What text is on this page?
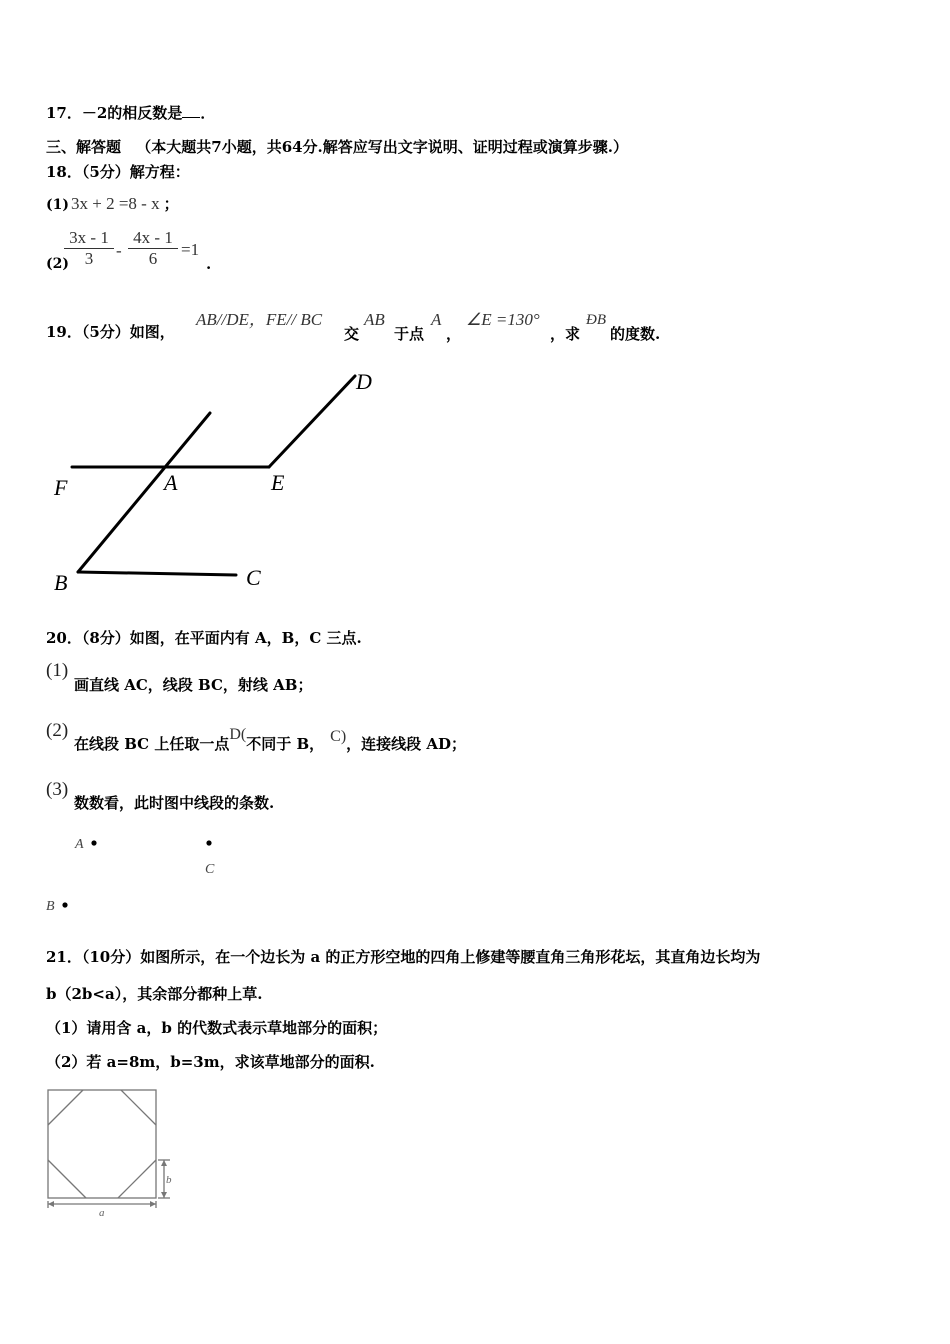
17．－2的相反数是 ．
三、解答题 （本大题共7小题，共64分.解答应写出文字说明、证明过程或演算步骤.）
18．（5分）解方程：
(1) 3x + 2 =8 - x ；
(2)
$\frac{3x - 1}{3} - \frac{4x - 1}{6} =1$
.
19．（5分）如图，
AB//DE，FE// BC
交
AB
于点
A
，
∠E =130°
，求
ÐB
的度数.
F	A	E
D
B	C
A
C
B
b
a
20．（8分）如图，在平面内有 A，B，C 三点.
(1)
画直线 AC，线段 BC，射线 AB；
(2)
在线段 BC 上任取一点D(不同于 B， C)，连接线段 AD；
(3)
数数看，此时图中线段的条数.
21．（10分）如图所示，在一个边长为 a 的正方形空地的四角上修建等腰直角三角形花坛，其直角边长均为
b（2b<a），其余部分都种上草.
（1）请用含 a，b 的代数式表示草地部分的面积；
（2）若 a=8m，b=3m，求该草地部分的面积.
